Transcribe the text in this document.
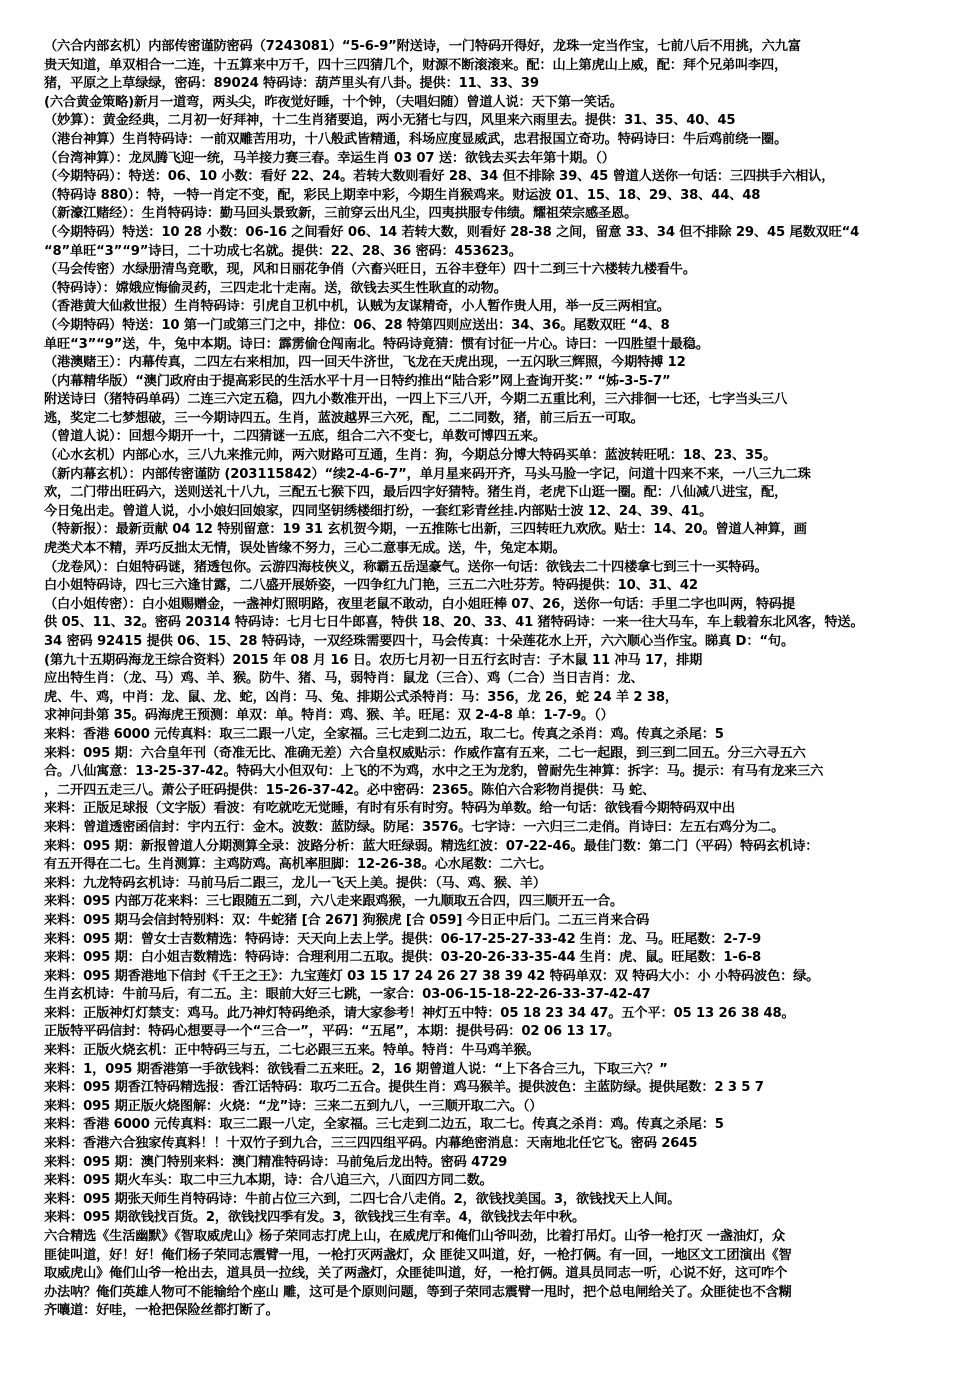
（六合内部玄机）内部传密谨防密码（7243081）“5-6-9”附送诗，一门特码开得好，龙珠一定当作宝，七前八后不用挑，六九富
贵天知道，单双相合一二连，十五算来中万千，四十三四猜几个，财源不断滚滚来。配：山上第虎山上威，配：拜个兄弟叫李四，
猪，平原之上草绿绿，密码：89024 特码诗：葫芦里头有八卦。提供：11、33、39
(六合黄金策略)新月一道弯，两头尖，昨夜觉好睡，十个钟，（夫唱妇随）曾道人说：天下第一笑话。
（妙算）：黄金经典，二月初一好拜神，十二生肖猪要追，两小无猪七与四，风里来六雨里去。提供：31、35、40、45
（港台神算）生肖特码诗：一前双雕苦用功，十八般武皆精通，科场应度显威武，忠君报国立奇功。特码诗曰：牛后鸡前绕一圈。
（台湾神算）：龙凤腾飞迎一统，马羊接力赛三春。幸运生肖 03 07 送：欲钱去买去年第十期。（）
（今期特码）：特送：06、10 小数：看好 22、24。若转大数则看好 28、34 但不排除 39、45 曾道人送你一句话：三四拱手六相认，
（特码诗 880）：特，一特一肖定不变，配，彩民上期幸中彩，今期生肖猴鸡来。财运波 01、15、18、29、38、44、48
（新濠江赌经）：生肖特码诗：勤马回头景致新，三前穿云出凡尘，四夷拱服专伟绩。耀祖荣宗感圣恩。
（今期特码）特送：10 28 小数：06-16 之间看好 06、14 若转大数，则看好 28-38 之间，留意 33、34 但不排除 29、45 尾数双旺“4
“8”单旺“3”“9”诗曰，二十功成七名就。提供：22、28、36 密码：453623。
（马会传密）水绿册清鸟竞歌，现，风和日丽花争俏（六畜兴旺日，五谷丰登年）四十二到三十六楼转九楼看牛。
（特码诗）：嫦娥应悔偷灵药，三四走北十走南。送，欲钱去买生性耿直的动物。
（香港黄大仙救世报）生肖特码诗：引虎自卫机中机，认贼为友谋精奇，小人暂作贵人用，举一反三两相宜。
（今期特码）特送：10 第一门或第三门之中，排位：06、28 特第四则应送出：34、36。尾数双旺 “4、8
单旺“3”“9”送，牛，兔中本期。诗曰：霹雳偷仓闯南北。特码诗竟猜：惯有讨征一片心。诗曰：一四胜望十最稳。
（港澳赌王）：内幕传真，二四左右来相加，四一回天牛济世，飞龙在天虎出现，一五闪耿三辉照，今期特搏 12
（内幕精华版）“澳门政府由于提高彩民的生活水平十月一日特约推出“陆合彩”网上查询开奖：” “姊-3-5-7”
附送诗曰（猪特码单码）二连三六定五稳，四九小数准开出，一四上下三八开，今期二五重比利，三六排徊一七还，七字当头三八
逃，奖定二七梦想破，三一今期诗四五。生肖，蓝波越界三六死，配，二二同数，猪，前三后五一可取。
（曾道人说）：回想今期开一十，二四猜谜一五底，组合二六不变七，单数可博四五来。
（心水玄机）内部心水，三八九来推元帅，两六财路可互通，生肖：狗，今期总分博大特码买单：蓝波转旺吼：18、23、35。
（新内幕玄机）：内部传密谨防 (203115842）“续2-4-6-7”，单月星来码开齐，马头马脸一字记，问道十四来不来，一八三九二珠
欢，二门带出旺码六，送则送礼十八九，三配五七猴下四，最后四字好猜特。猪生肖，老虎下山逛一圈。配：八仙减八进宝，配，
今日兔出走。曾道人说，小小娘妇回娘家，四同坚钥绣楼细打纷，一套红彩青丝挂.内部贴士波 12、24、39、41。
（特新报）：最新贡献 04 12 特别留意：19 31 玄机贺今期，一五推陈七出新，三四转旺九欢欣。贴士：14、20。曾道人神算，画
虎类犬本不精，弄巧反拙太无情，误处皆缘不努力，三心二意事无成。送，牛，兔定本期。
（龙卷风）：白姐特码谜，猪透包你。云游四海枝俠义，称霸五岳逞豪气。送你一句话：欲钱去二十四楼拿七到三十一买特码。
白小姐特码诗，四七三六逢甘露，二八盛开展娇姿，一四争红九门艳，三五二六吐芬芳。特码提供：10、31、42
（白小姐传密）：白小姐赐赠金，一盏神灯照明路，夜里老鼠不敢动，白小姐旺棒 07、26，送你一句话：手里二字也叫两，特码提
供 05、11、32。密码 20314 特码诗：七月七日牛郎喜，特供 18、20、33、41 猪特码诗：一来一往大马车，车上载着东北风客，特送。
34 密码 92415 提供 06、15、28 特码诗，一双经珠需要四十，马会传真：十朵莲花水上开，六六顺心当作宝。睇真 D：“句。
(第九十五期码海龙王综合资料）2015 年 08 月 16 日。农历七月初一日五行玄时吉：子木鼠 11 冲马 17，排期
应出特生肖：（龙、马）鸡、羊、猴。防牛、猪、马，弱特肖：鼠龙（三合）、鸡（二合）当日吉肖：龙、
虎、牛、鸡，中肖：龙、鼠、龙、蛇，凶肖：马、兔、排期公式杀特肖：马：356，龙 26，蛇 24 羊 2 38，
求神问卦第 35。码海虎王预测：单双：单。特肖：鸡、猴、羊。旺尾：双 2-4-8 单：1-7-9。（）
来料：香港 6000 元传真料：取三二跟一八定，全家福。三七走到二边五，取二七。传真之杀肖：鸡。传真之杀尾：5
来料：095 期：六合皇年刊（奇准无比、准确无差）六合皇权威贴示：作威作富有五来，二七一起跟，到三到二回五。分三六寻五六
合。八仙寓意：13-25-37-42。特码大小但双句：上飞的不为鸡，水中之王为龙豹，曾耐先生神算：拆字：马。提示：有马有龙来三六
，二开四五走三八。萧公子旺码提供：15-26-37-42。必中密码：2365。陈伯六合彩物肖提供：马 蛇、
来料：正版足球报（文字版）看波：有吃就吃无觉睡，有时有乐有时穷。特码为单数。给一句话：欲钱看今期特码双中出
来料：曾道透密函信封：宇内五行：金木。波数：蓝防绿。防尾：3576。七字诗：一六归三二走俏。肖诗曰：左五右鸡分为二。
来料：095 期：新报曾道人分期测算全录：波路分析：蓝大旺绿弱。精选红波：07-22-46。最佳门数：第二门（平码）特码玄机诗：
有五开得在二七。生肖测算：主鸡防鸡。高机率胆脚：12-26-38。心水尾数：二六七。
来料：九龙特码玄机诗：马前马后二跟三，龙儿一飞天上美。提供：（马、鸡、猴、羊）
来料：095 内部万花来料：三七跟随五二到，六八走来跟鸡猴，一九顺取五合四，四三顺开五一合。
来料：095 期马会信封特别料：双：牛蛇猪 [合 267] 狗猴虎 [合 059] 今日正中后门。二五三肖来合码
来料：095 期：曾女士吉数精选：特码诗：天天向上去上学。提供：06-17-25-27-33-42 生肖：龙、马。旺尾数：2-7-9
来料：095 期：白小姐吉数精选：特码诗：合理利用二五取。提供：03-20-26-33-35-44 生肖：虎、鼠。旺尾数：1-6-8
来料：095 期香港地下信封《千王之王》：九宝莲灯 03 15 17 24 26 27 38 39 42 特码单双：双 特码大小：小 小特码波色：绿。
生肖玄机诗：牛前马后，有二五。主：眼前大好三七跳，一家合：03-06-15-18-22-26-33-37-42-47
来料：正版神灯灯禁支：鸡马。此乃神灯特码绝杀，请大家参考！神灯五中特：05 18 23 34 47。五个平：05 13 26 38 48。
正版特平码信封：特码心想要寻一个“三合一”，平码：“五尾”，本期：提供号码：02 06 13 17。
来料：正版火烧玄机：正中特码三与五，二七必跟三五来。特单。特肖：牛马鸡羊猴。
来料：1，095 期香港第一手欲钱料：欲钱看二五来旺。2，16 期曾道人说：“上下各合三九，下取三六？”
来料：095 期香江特码精选报：香江话特码：取巧二五合。提供生肖：鸡马猴羊。提供波色：主蓝防绿。提供尾数：2 3 5 7
来料：095 期正版火烧图解：火烧：“龙”诗：三来二五到九八，一三顺开取二六。（）
来料：香港 6000 元传真料：取三二跟一八定，全家福。三七走到二边五，取二七。传真之杀肖：鸡。传真之杀尾：5
来料：香港六合独家传真料！！十双竹子到九合，三三四四组平码。内幕绝密消息：天南地北任它飞。密码 2645
来料：095 期：澳门特别来料：澳门精准特码诗：马前兔后龙出特。密码 4729
来料：095 期火车头：取二中三九本期，诗：合八追三六，八面四方同二数。
来料：095 期张天师生肖特码诗：牛前占位三六到，二四七合八走俏。2，欲钱找美国。3，欲钱找天上人间。
来料：095 期欲钱找百货。2，欲钱找四季有发。3，欲钱找三生有幸。4，欲钱找去年中秋。
六合精选《生活幽默》《智取威虎山》杨子荣同志打虎上山，在威虎厅和俺们山爷叫劲，比着打吊灯。山爷一枪打灭 一盏油灯，众
匪徒叫道，好！好！俺们杨子荣同志震臂一甩，一枪打灭两盏灯，众 匪徒又叫道，好，一枪打俩。有一回，一地区文工团演出《智
取威虎山》俺们山爷一枪出去，道具员一拉线，关了两盏灯，众匪徒叫道，好，一枪打俩。道具员同志一听，心说不好，这可咋个
办法呐？俺们英雄人物可不能输给个座山 雕，这可是个原则问题，等到子荣同志震臂一甩时，把个总电闸给关了。众匪徒也不含糊
齐嚷道：好哇，一枪把保险丝都打断了。
